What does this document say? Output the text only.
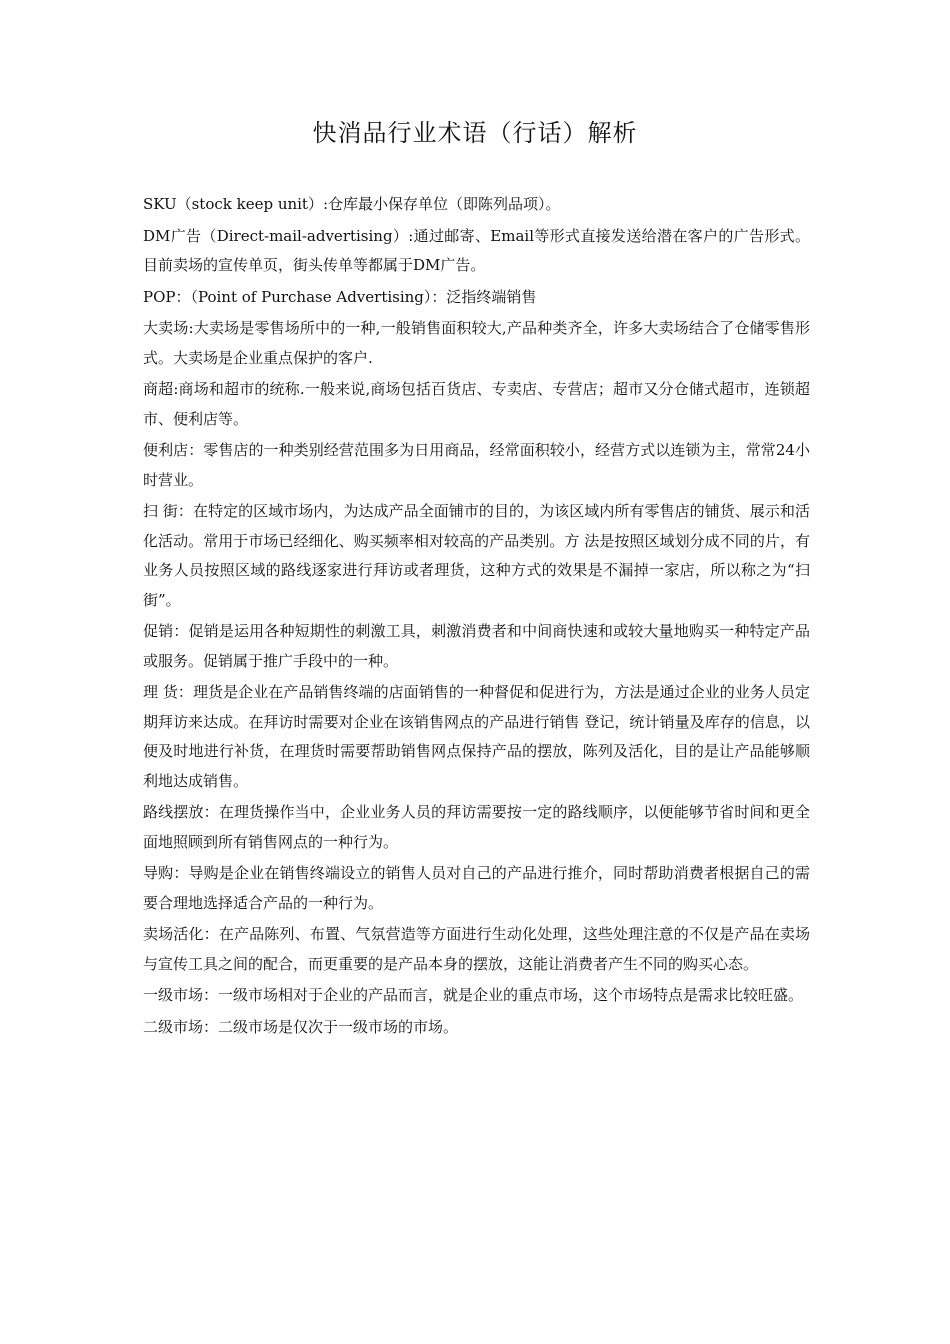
快消品行业术语（行话）解析

SKU（stock keep unit）:仓库最小保存单位（即陈列品项）。

DM广告（Direct-mail-advertising）:通过邮寄、Email等形式直接发送给潜在客户的广告形式。目前卖场的宣传单页，街头传单等都属于DM广告。

POP：（Point of Purchase Advertising）：泛指终端销售

大卖场:大卖场是零售场所中的一种,一般销售面积较大,产品种类齐全，许多大卖场结合了仓储零售形式。大卖场是企业重点保护的客户.

商超:商场和超市的统称.一般来说,商场包括百货店、专卖店、专营店；超市又分仓储式超市，连锁超市、便利店等。

便利店：零售店的一种类别经营范围多为日用商品，经常面积较小，经营方式以连锁为主，常常24小时营业。

扫 街：在特定的区域市场内，为达成产品全面铺市的目的，为该区域内所有零售店的铺货、展示和活化活动。常用于市场已经细化、购买频率相对较高的产品类别。方 法是按照区域划分成不同的片，有业务人员按照区域的路线逐家进行拜访或者理货，这种方式的效果是不漏掉一家店，所以称之为“扫街”。

促销：促销是运用各种短期性的刺激工具，刺激消费者和中间商快速和或较大量地购买一种特定产品或服务。促销属于推广手段中的一种。

理 货：理货是企业在产品销售终端的店面销售的一种督促和促进行为，方法是通过企业的业务人员定期拜访来达成。在拜访时需要对企业在该销售网点的产品进行销售 登记，统计销量及库存的信息，以便及时地进行补货，在理货时需要帮助销售网点保持产品的摆放，陈列及活化，目的是让产品能够顺利地达成销售。

路线摆放：在理货操作当中，企业业务人员的拜访需要按一定的路线顺序，以便能够节省时间和更全面地照顾到所有销售网点的一种行为。

导购：导购是企业在销售终端设立的销售人员对自己的产品进行推介，同时帮助消费者根据自己的需要合理地选择适合产品的一种行为。

卖场活化：在产品陈列、布置、气氛营造等方面进行生动化处理，这些处理注意的不仅是产品在卖场与宣传工具之间的配合，而更重要的是产品本身的摆放，这能让消费者产生不同的购买心态。

一级市场：一级市场相对于企业的产品而言，就是企业的重点市场，这个市场特点是需求比较旺盛。

二级市场：二级市场是仅次于一级市场的市场。
